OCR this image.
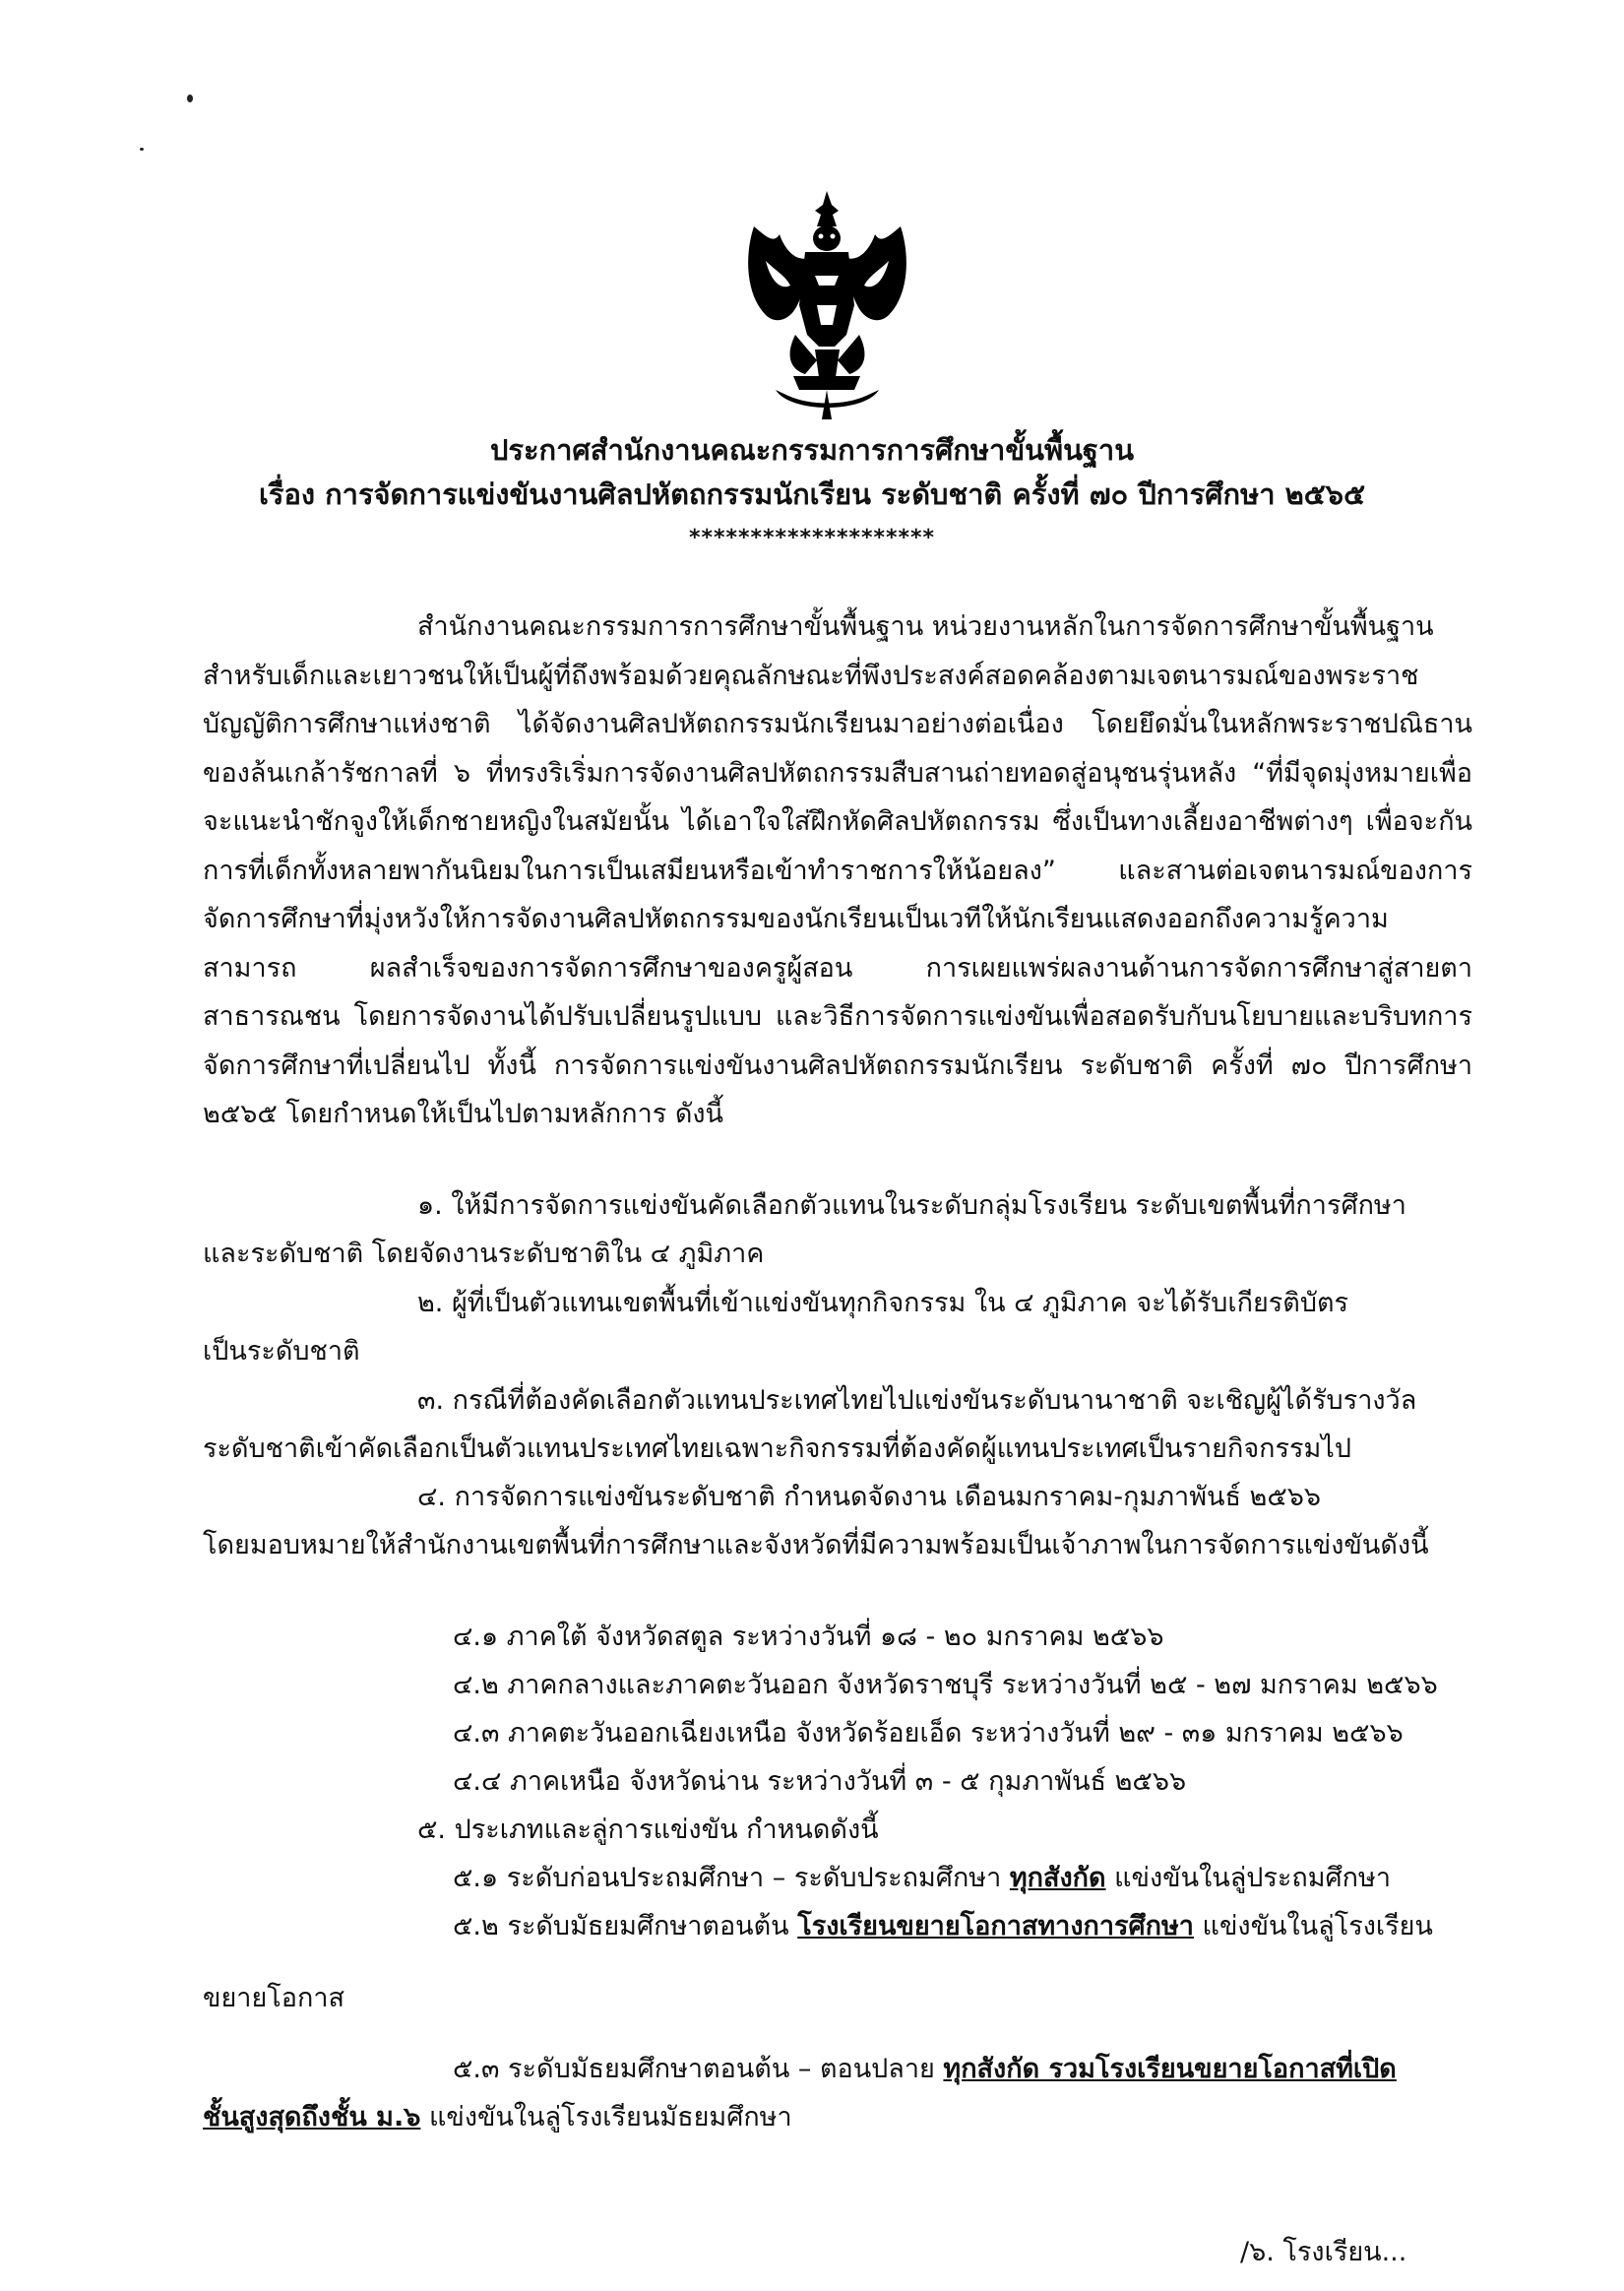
ประกาศสำนักงานคณะกรรมการการศึกษาขั้นพื้นฐาน
เรื่อง การจัดการแข่งขันงานศิลปหัตถกรรมนักเรียน ระดับชาติ ครั้งที่ ๗๐ ปีการศึกษา ๒๕๖๕
********************
สำนักงานคณะกรรมการการศึกษาขั้นพื้นฐาน หน่วยงานหลักในการจัดการศึกษาขั้นพื้นฐาน
สำหรับเด็กและเยาวชนให้เป็นผู้ที่ถึงพร้อมด้วยคุณลักษณะที่พึงประสงค์สอดคล้องตามเจตนารมณ์ของพระราชบัญญัติการศึกษาแห่งชาติ ได้จัดงานศิลปหัตถกรรมนักเรียนมาอย่างต่อเนื่อง โดยยึดมั่นในหลักพระราชปณิธานของล้นเกล้ารัชกาลที่ ๖ ที่ทรงริเริ่มการจัดงานศิลปหัตถกรรมสืบสานถ่ายทอดสู่อนุชนรุ่นหลัง “ที่มีจุดมุ่งหมายเพื่อจะแนะนำชักจูงให้เด็กชายหญิงในสมัยนั้น ได้เอาใจใส่ฝึกหัดศิลปหัตถกรรม ซึ่งเป็นทางเลี้ยงอาชีพต่างๆ เพื่อจะกันการที่เด็กทั้งหลายพากันนิยมในการเป็นเสมียนหรือเข้าทำราชการให้น้อยลง” และสานต่อเจตนารมณ์ของการจัดการศึกษาที่มุ่งหวังให้การจัดงานศิลปหัตถกรรมของนักเรียนเป็นเวทีให้นักเรียนแสดงออกถึงความรู้ความสามารถ ผลสำเร็จของการจัดการศึกษาของครูผู้สอน การเผยแพร่ผลงานด้านการจัดการศึกษาสู่สายตาสาธารณชน โดยการจัดงานได้ปรับเปลี่ยนรูปแบบ และวิธีการจัดการแข่งขันเพื่อสอดรับกับนโยบายและบริบทการจัดการศึกษาที่เปลี่ยนไป ทั้งนี้ การจัดการแข่งขันงานศิลปหัตถกรรมนักเรียน ระดับชาติ ครั้งที่ ๗๐ ปีการศึกษา ๒๕๖๕ โดยกำหนดให้เป็นไปตามหลักการ ดังนี้
๑. ให้มีการจัดการแข่งขันคัดเลือกตัวแทนในระดับกลุ่มโรงเรียน ระดับเขตพื้นที่การศึกษา
และระดับชาติ โดยจัดงานระดับชาติใน ๔ ภูมิภาค
๒. ผู้ที่เป็นตัวแทนเขตพื้นที่เข้าแข่งขันทุกกิจกรรม ใน ๔ ภูมิภาค จะได้รับเกียรติบัตร
เป็นระดับชาติ
๓. กรณีที่ต้องคัดเลือกตัวแทนประเทศไทยไปแข่งขันระดับนานาชาติ จะเชิญผู้ได้รับรางวัล
ระดับชาติเข้าคัดเลือกเป็นตัวแทนประเทศไทยเฉพาะกิจกรรมที่ต้องคัดผู้แทนประเทศเป็นรายกิจกรรมไป
๔. การจัดการแข่งขันระดับชาติ กำหนดจัดงาน เดือนมกราคม-กุมภาพันธ์ ๒๕๖๖
โดยมอบหมายให้สำนักงานเขตพื้นที่การศึกษาและจังหวัดที่มีความพร้อมเป็นเจ้าภาพในการจัดการแข่งขันดังนี้
๔.๑ ภาคใต้ จังหวัดสตูล ระหว่างวันที่ ๑๘ - ๒๐ มกราคม ๒๕๖๖
๔.๒ ภาคกลางและภาคตะวันออก จังหวัดราชบุรี ระหว่างวันที่ ๒๕ - ๒๗ มกราคม ๒๕๖๖
๔.๓ ภาคตะวันออกเฉียงเหนือ จังหวัดร้อยเอ็ด ระหว่างวันที่ ๒๙ - ๓๑ มกราคม ๒๕๖๖
๔.๔ ภาคเหนือ จังหวัดน่าน ระหว่างวันที่ ๓ - ๕ กุมภาพันธ์ ๒๕๖๖
๕. ประเภทและลู่การแข่งขัน กำหนดดังนี้
๕.๑ ระดับก่อนประถมศึกษา – ระดับประถมศึกษา ทุกสังกัด แข่งขันในลู่ประถมศึกษา
๕.๒ ระดับมัธยมศึกษาตอนต้น โรงเรียนขยายโอกาสทางการศึกษา แข่งขันในลู่โรงเรียน
ขยายโอกาส
๕.๓ ระดับมัธยมศึกษาตอนต้น – ตอนปลาย ทุกสังกัด รวมโรงเรียนขยายโอกาสที่เปิด
ชั้นสูงสุดถึงชั้น ม.๖ แข่งขันในลู่โรงเรียนมัธยมศึกษา
/๖. โรงเรียน...
